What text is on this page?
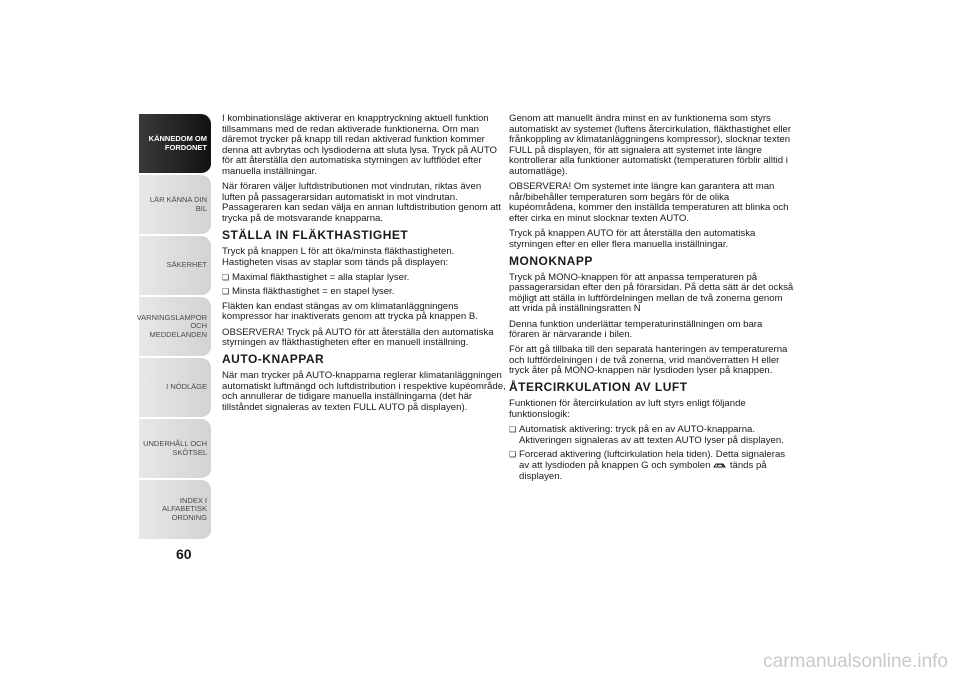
KÄNNEDOM OM FORDONET
LÄR KÄNNA DIN BIL
SÄKERHET
VARNINGSLAMPOR OCH MEDDELANDEN
I NÖDLÄGE
UNDERHÅLL OCH SKÖTSEL
INDEX I ALFABETISK ORDNING
60

I kombinationsläge aktiverar en knapptryckning aktuell funktion tillsammans med de redan aktiverade funktionerna. Om man däremot trycker på knapp till redan aktiverad funktion kommer denna att avbrytas och lysdioderna att sluta lysa. Tryck på AUTO för att återställa den automatiska styrningen av luftflödet efter manuella inställningar.

När föraren väljer luftdistributionen mot vindrutan, riktas även luften på passagerarsidan automatiskt in mot vindrutan. Passageraren kan sedan välja en annan luftdistribution genom att trycka på de motsvarande knapparna.

STÄLLA IN FLÄKTHASTIGHET

Tryck på knappen L för att öka/minsta fläkthastigheten. Hastigheten visas av staplar som tänds på displayen:

❏ Maximal fläkthastighet = alla staplar lyser.
❏ Minsta fläkthastighet = en stapel lyser.

Fläkten kan endast stängas av om klimatanläggningens kompressor har inaktiverats genom att trycka på knappen B.

OBSERVERA! Tryck på AUTO för att återställa den automatiska styrningen av fläkthastigheten efter en manuell inställning.

AUTO-KNAPPAR

När man trycker på AUTO-knapparna reglerar klimatanläggningen automatiskt luftmängd och luftdistribution i respektive kupéområde, och annullerar de tidigare manuella inställningarna (det här tillståndet signaleras av texten FULL AUTO på displayen).

Genom att manuellt ändra minst en av funktionerna som styrs automatiskt av systemet (luftens återcirkulation, fläkthastighet eller frånkoppling av klimatanläggningens kompressor), slocknar texten FULL på displayen, för att signalera att systemet inte längre kontrollerar alla funktioner automatiskt (temperaturen förblir alltid i automatläge).

OBSERVERA! Om systemet inte längre kan garantera att man når/bibehåller temperaturen som begärs för de olika kupéområdena, kommer den inställda temperaturen att blinka och efter cirka en minut slocknar texten AUTO.

Tryck på knappen AUTO för att återställa den automatiska styrningen efter en eller flera manuella inställningar.

MONOKNAPP

Tryck på MONO-knappen för att anpassa temperaturen på passagerarsidan efter den på förarsidan. På detta sätt är det också möjligt att ställa in luftfördelningen mellan de två zonerna genom att vrida på inställningsratten N

Denna funktion underlättar temperaturinställningen om bara föraren är närvarande i bilen.

För att gå tillbaka till den separata hanteringen av temperaturerna och luftfördelningen i de två zonerna, vrid manöverratten H eller tryck åter på MONO-knappen när lysdioden lyser på knappen.

ÅTERCIRKULATION AV LUFT

Funktionen för återcirkulation av luft styrs enligt följande funktionslogik:

❏ Automatisk aktivering: tryck på en av AUTO-knapparna. Aktiveringen signaleras av att texten AUTO lyser på displayen.
❏ Forcerad aktivering (luftcirkulation hela tiden). Detta signaleras av att lysdioden på knappen G och symbolen tänds på displayen.
carmanualsonline.info
